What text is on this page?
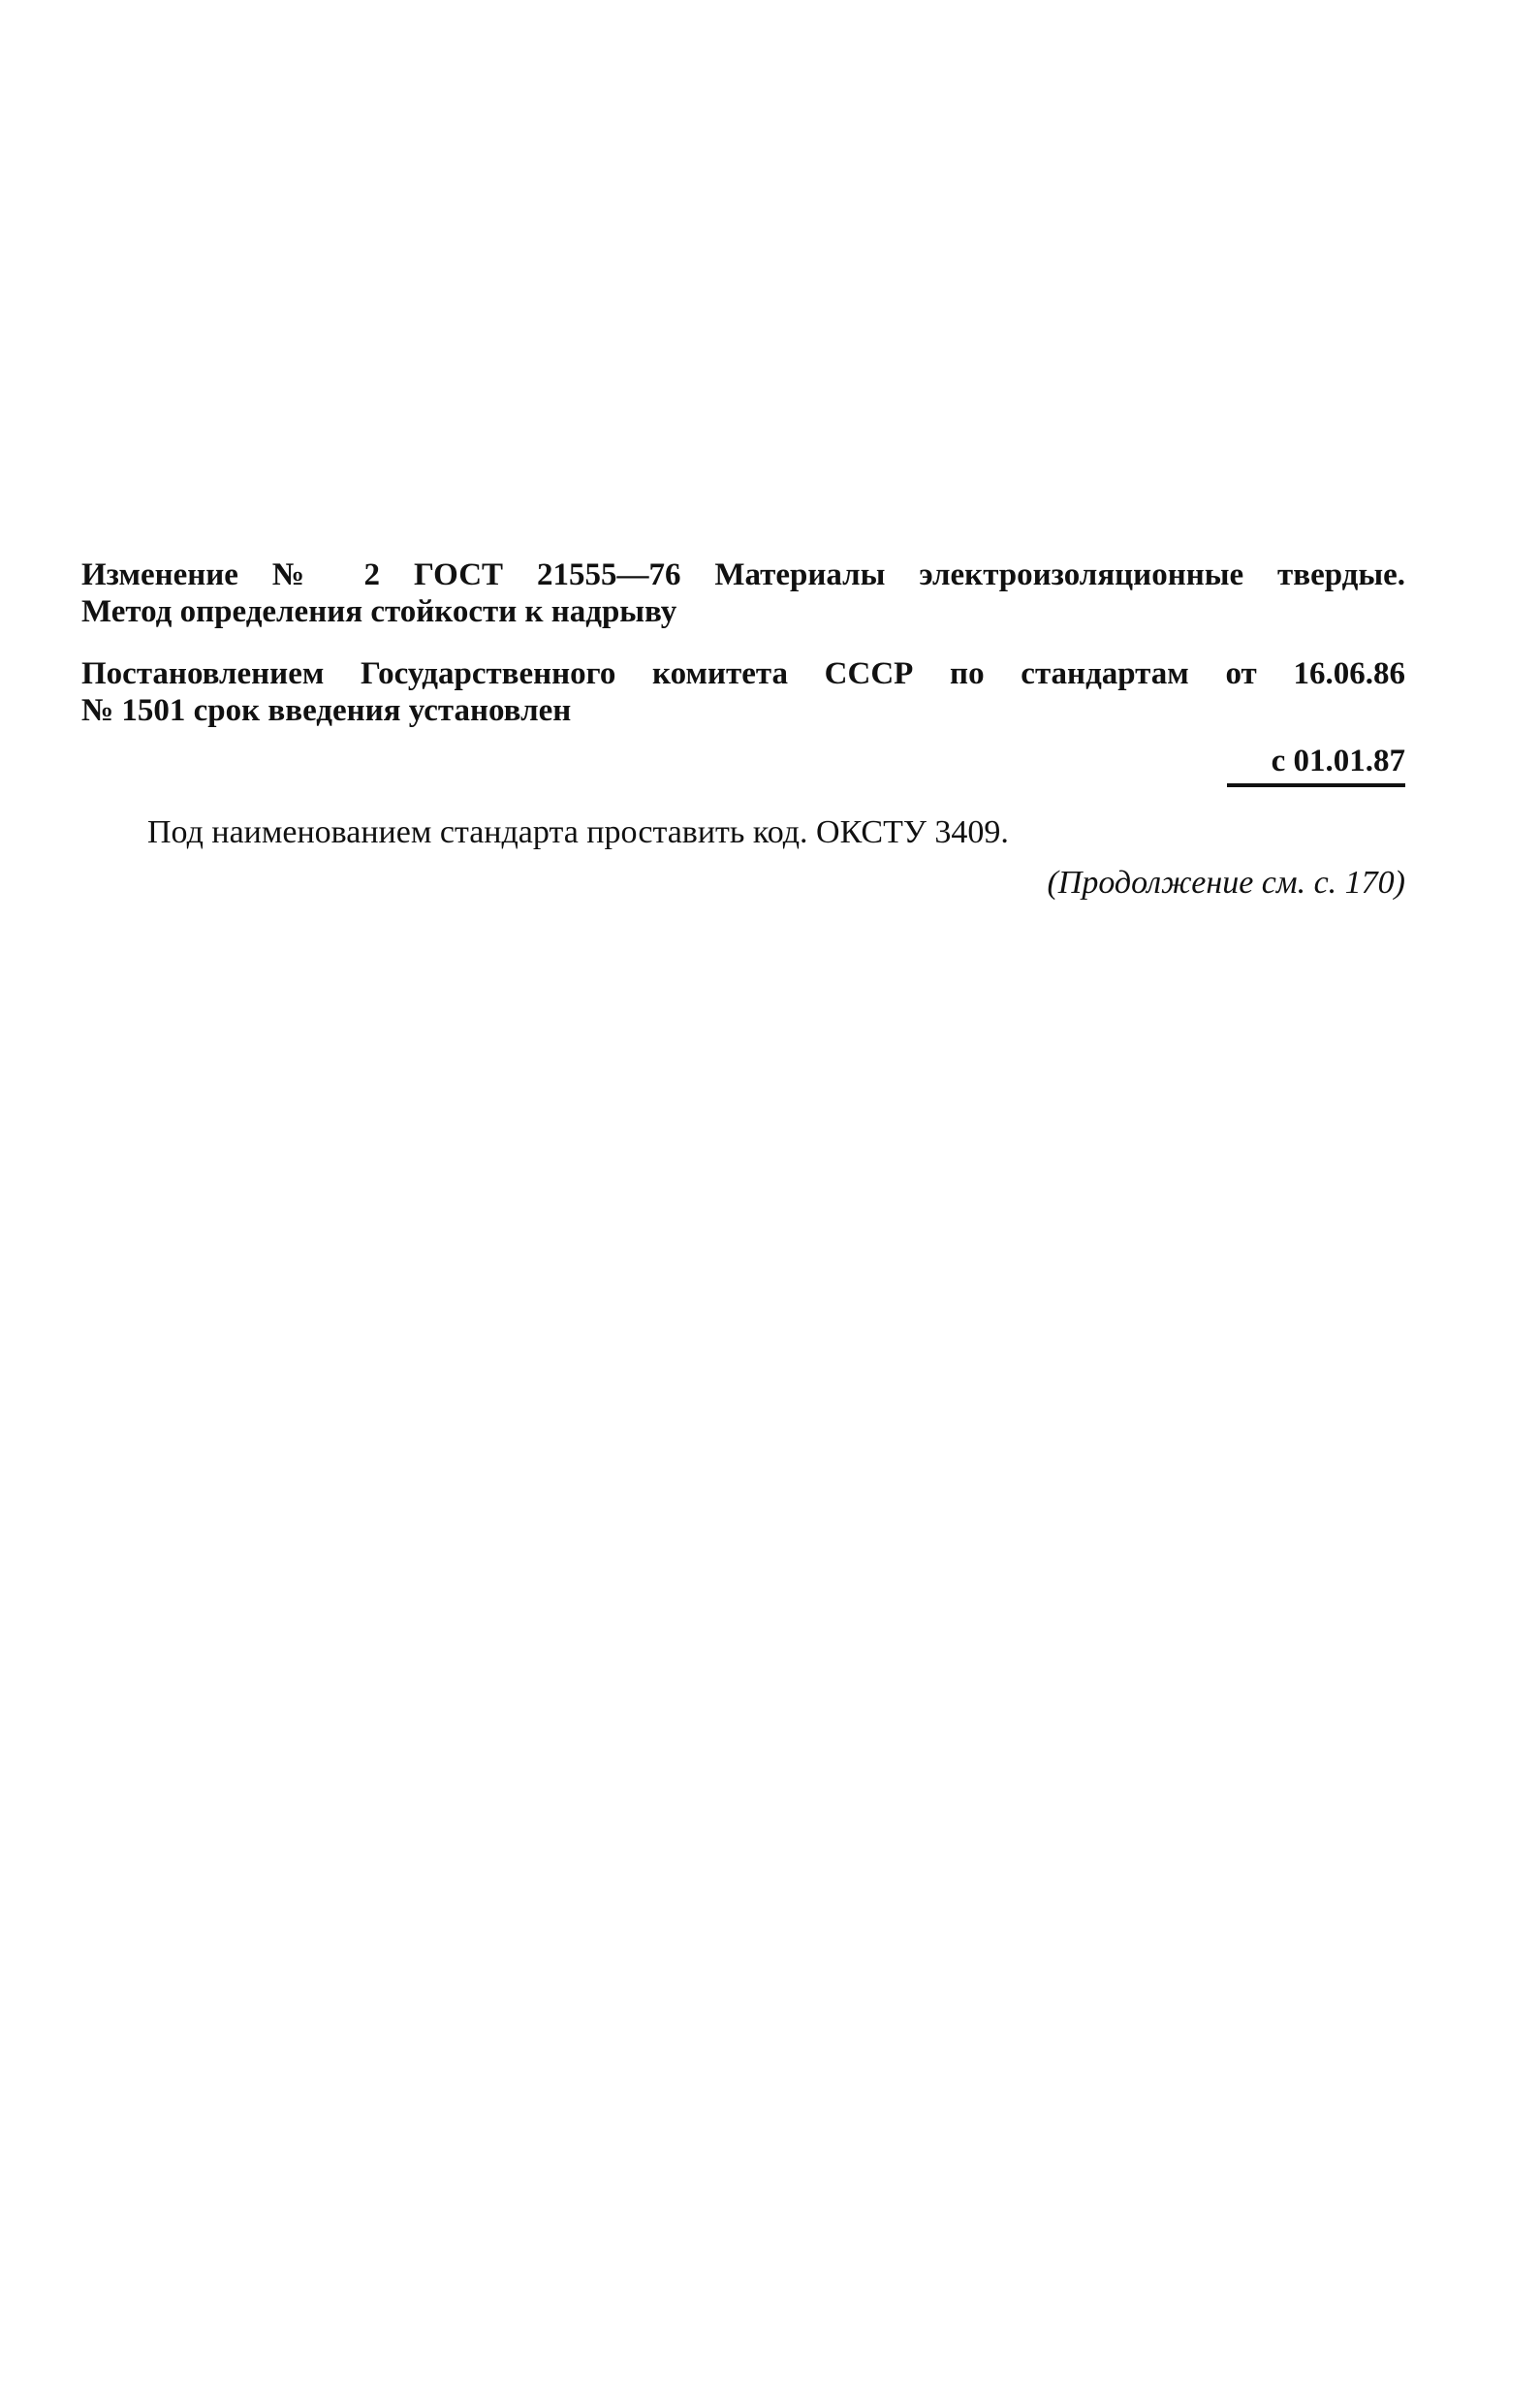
Изменение № 2 ГОСТ 21555—76 Материалы электроизоляционные твердые.
Метод определения стойкости к надрыву
Постановлением Государственного комитета СССР по стандартам от 16.06.86
№ 1501 срок введения установлен
с 01.01.87
Под наименованием стандарта проставить код. ОКСТУ 3409.
(Продолжение см. с. 170)
